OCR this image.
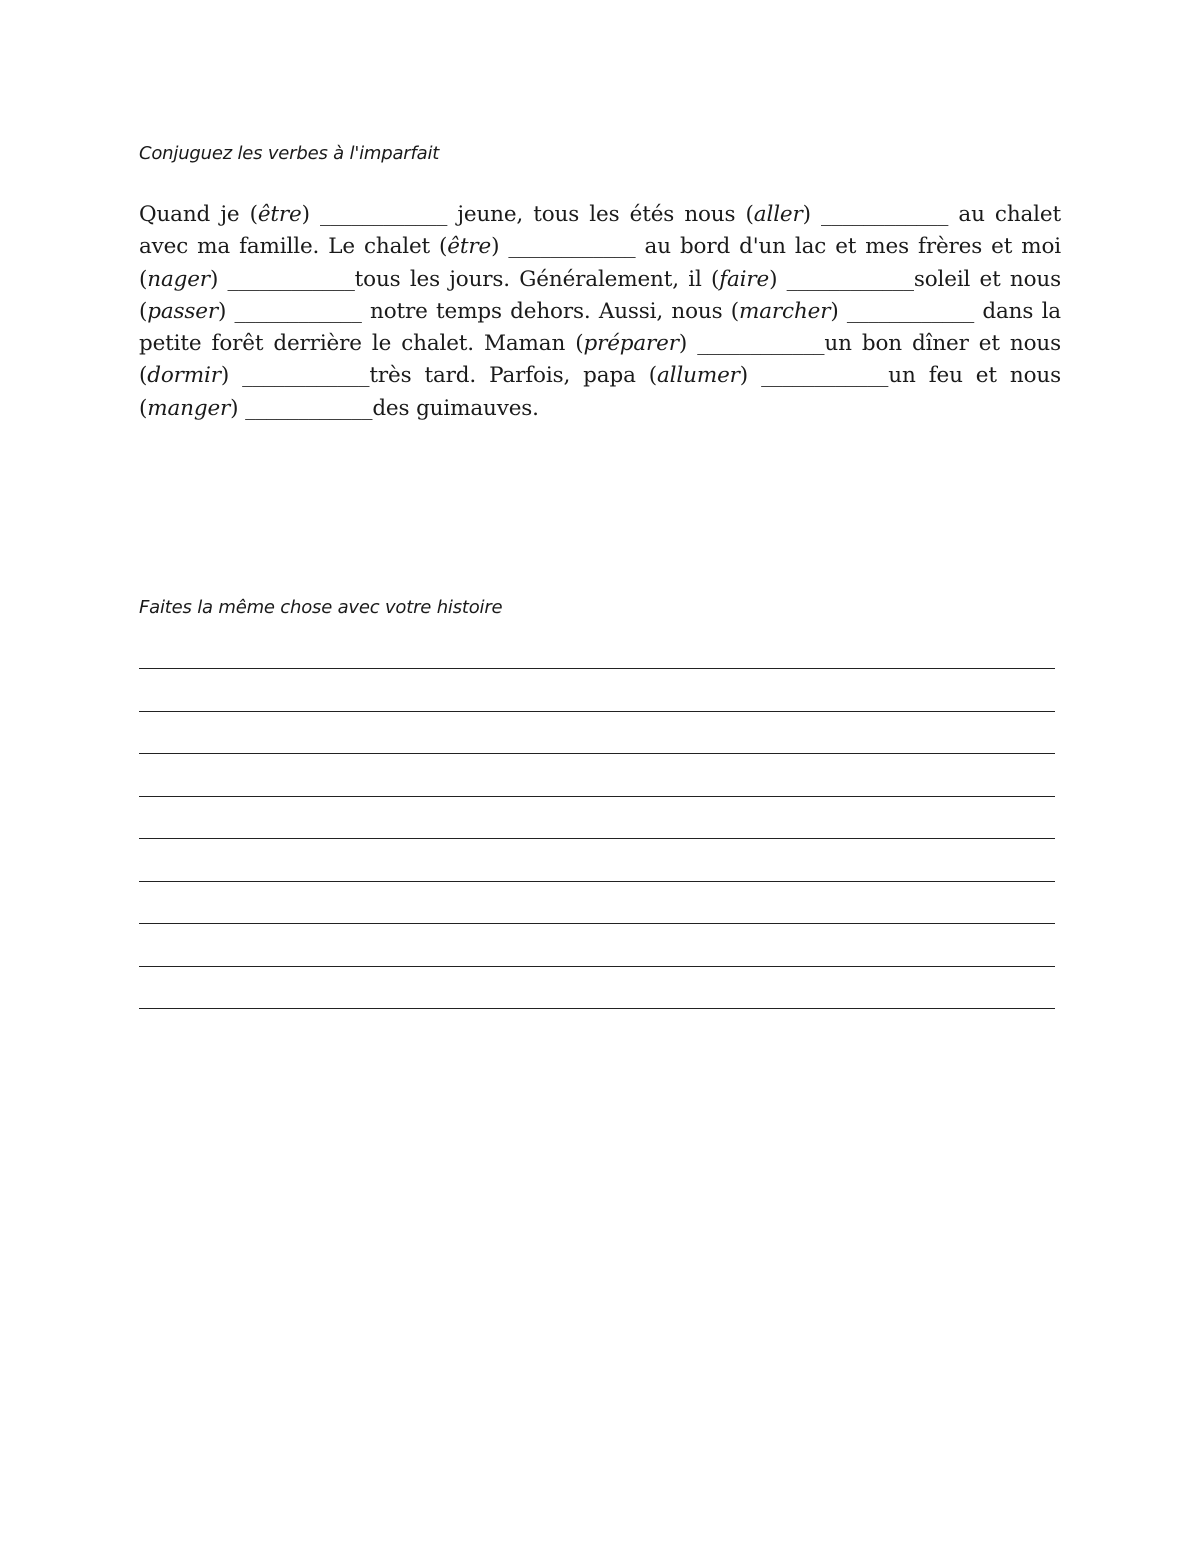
Conjuguez les verbes à l'imparfait

Quand je (être) ____________ jeune, tous les étés nous (aller) ____________ au chalet avec ma famille. Le chalet (être) ____________ au bord d'un lac et mes frères et moi (nager) ____________tous les jours. Généralement, il (faire) ____________soleil et nous (passer) ____________ notre temps dehors. Aussi, nous (marcher) ____________ dans la petite forêt derrière le chalet. Maman (préparer) ____________un bon dîner et nous (dormir) ____________très tard. Parfois, papa (allumer) ____________un feu et nous (manger) ____________des guimauves.

Faites la même chose avec votre histoire
